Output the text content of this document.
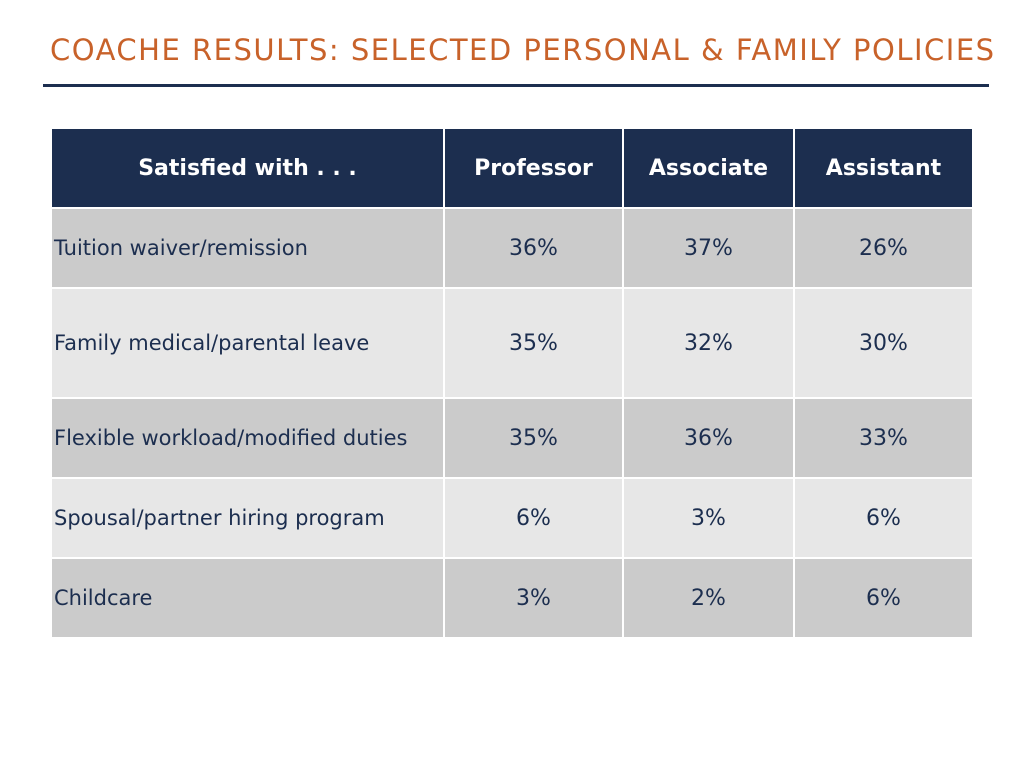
COACHE RESULTS: SELECTED PERSONAL & FAMILY POLICIES
Satisfied with . . .	Professor	Associate	Assistant
Tuition waiver/remission	36%	37%	26%
Family medical/parental leave	35%	32%	30%
Flexible workload/modified duties	35%	36%	33%
Spousal/partner hiring program	6%	3%	6%
Childcare	3%	2%	6%
